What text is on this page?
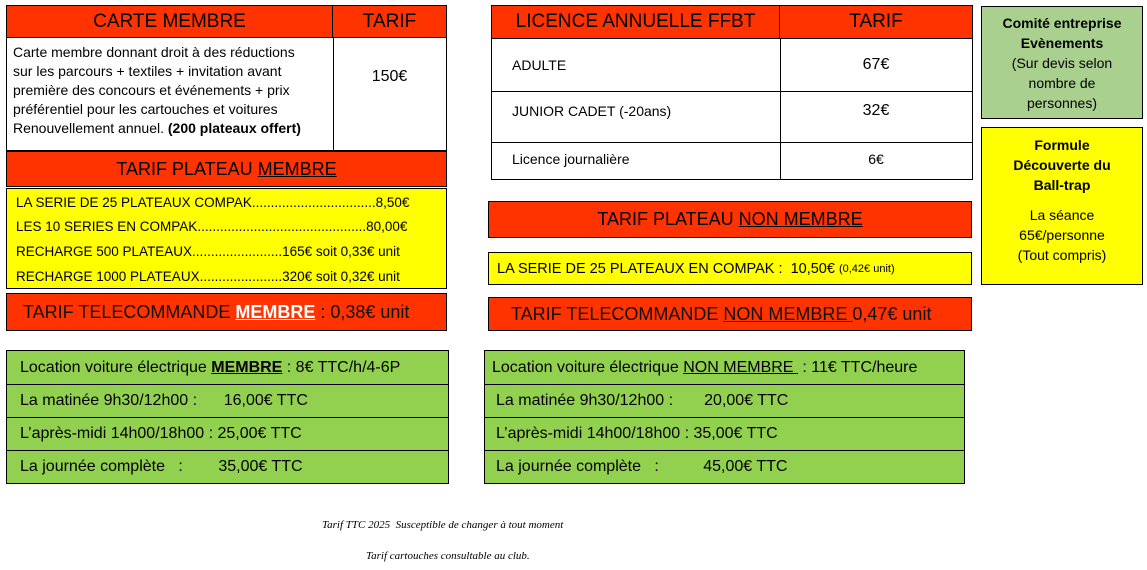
CARTE MEMBRE	TARIF
Carte membre donnant droit à des réductions
sur les parcours + textiles + invitation avant
première des concours et événements + prix
préférentiel pour les cartouches et voitures
Renouvellement annuel. (200 plateaux offert)
150€
TARIF PLATEAU MEMBRE
LA SERIE DE 25 PLATEAUX COMPAK.................................8,50€
LES 10 SERIES EN COMPAK.............................................80,00€
RECHARGE 500 PLATEAUX........................165€ soit 0,33€ unit
RECHARGE 1000 PLATEAUX......................320€ soit 0,32€ unit
TARIF TELECOMMANDE MEMBRE : 0,38€ unit
LICENCE ANNUELLE FFBT	TARIF
ADULTE	67€
JUNIOR CADET (-20ans)	32€
Licence journalière	6€
TARIF PLATEAU NON MEMBRE
LA SERIE DE 25 PLATEAUX EN COMPAK :  10,50€ (0,42€ unit)
TARIF TELECOMMANDE NON MEMBRE 0,47€ unit
Comité entreprise
Evènements
(Sur devis selon
nombre de
personnes)
Formule
Découverte du
Ball-trap
La séance
65€/personne
(Tout compris)
Location voiture électrique MEMBRE : 8€ TTC/h/4-6P
La matinée 9h30/12h00 :      16,00€ TTC
L’après-midi 14h00/18h00 : 25,00€ TTC
La journée complète   :        35,00€ TTC
Location voiture électrique NON MEMBRE : 11€ TTC/heure
La matinée 9h30/12h00 :       20,00€ TTC
L’après-midi 14h00/18h00 : 35,00€ TTC
La journée complète   :          45,00€ TTC
Tarif TTC 2025  Susceptible de changer à tout moment
Tarif cartouches consultable au club.
